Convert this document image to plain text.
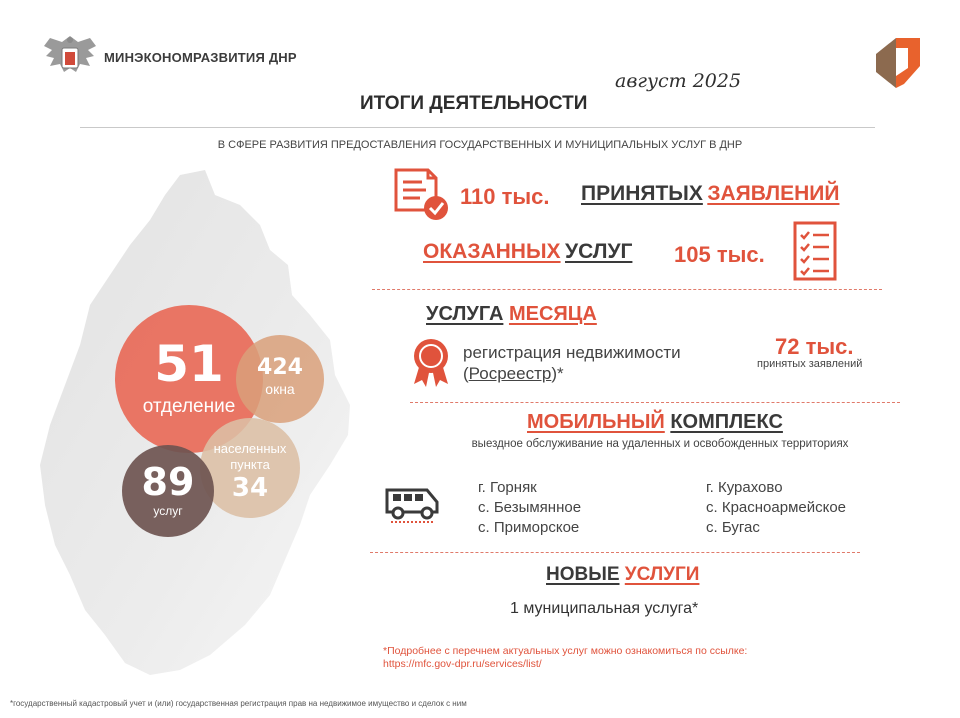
МИНЭКОНОМРАЗВИТИЯ ДНР
август 2025
ИТОГИ ДЕЯТЕЛЬНОСТИ
В СФЕРЕ РАЗВИТИЯ ПРЕДОСТАВЛЕНИЯ ГОСУДАРСТВЕННЫХ И МУНИЦИПАЛЬНЫХ УСЛУГ В ДНР
51
отделение
424
окна
населенных
пункта
34
89
услуг
110 тыс. ПРИНЯТЫХ ЗАЯВЛЕНИЙ
ОКАЗАННЫХ УСЛУГ 105 тыс.
УСЛУГА МЕСЯЦА
регистрация недвижимости
(Росреестр)*
72 тыс.
принятых заявлений
МОБИЛЬНЫЙ КОМПЛЕКС
выездное обслуживание на удаленных и освобожденных территориях
г. Горняк
с. Безымянное
с. Приморское
г. Курахово
с. Красноармейское
с. Бугас
НОВЫЕ УСЛУГИ
1 муниципальная услуга*
*Подробнее с перечнем актуальных услуг можно ознакомиться по ссылке:
https://mfc.gov-dpr.ru/services/list/
*государственный кадастровый учет и (или) государственная регистрация прав на недвижимое имущество и сделок с ним
